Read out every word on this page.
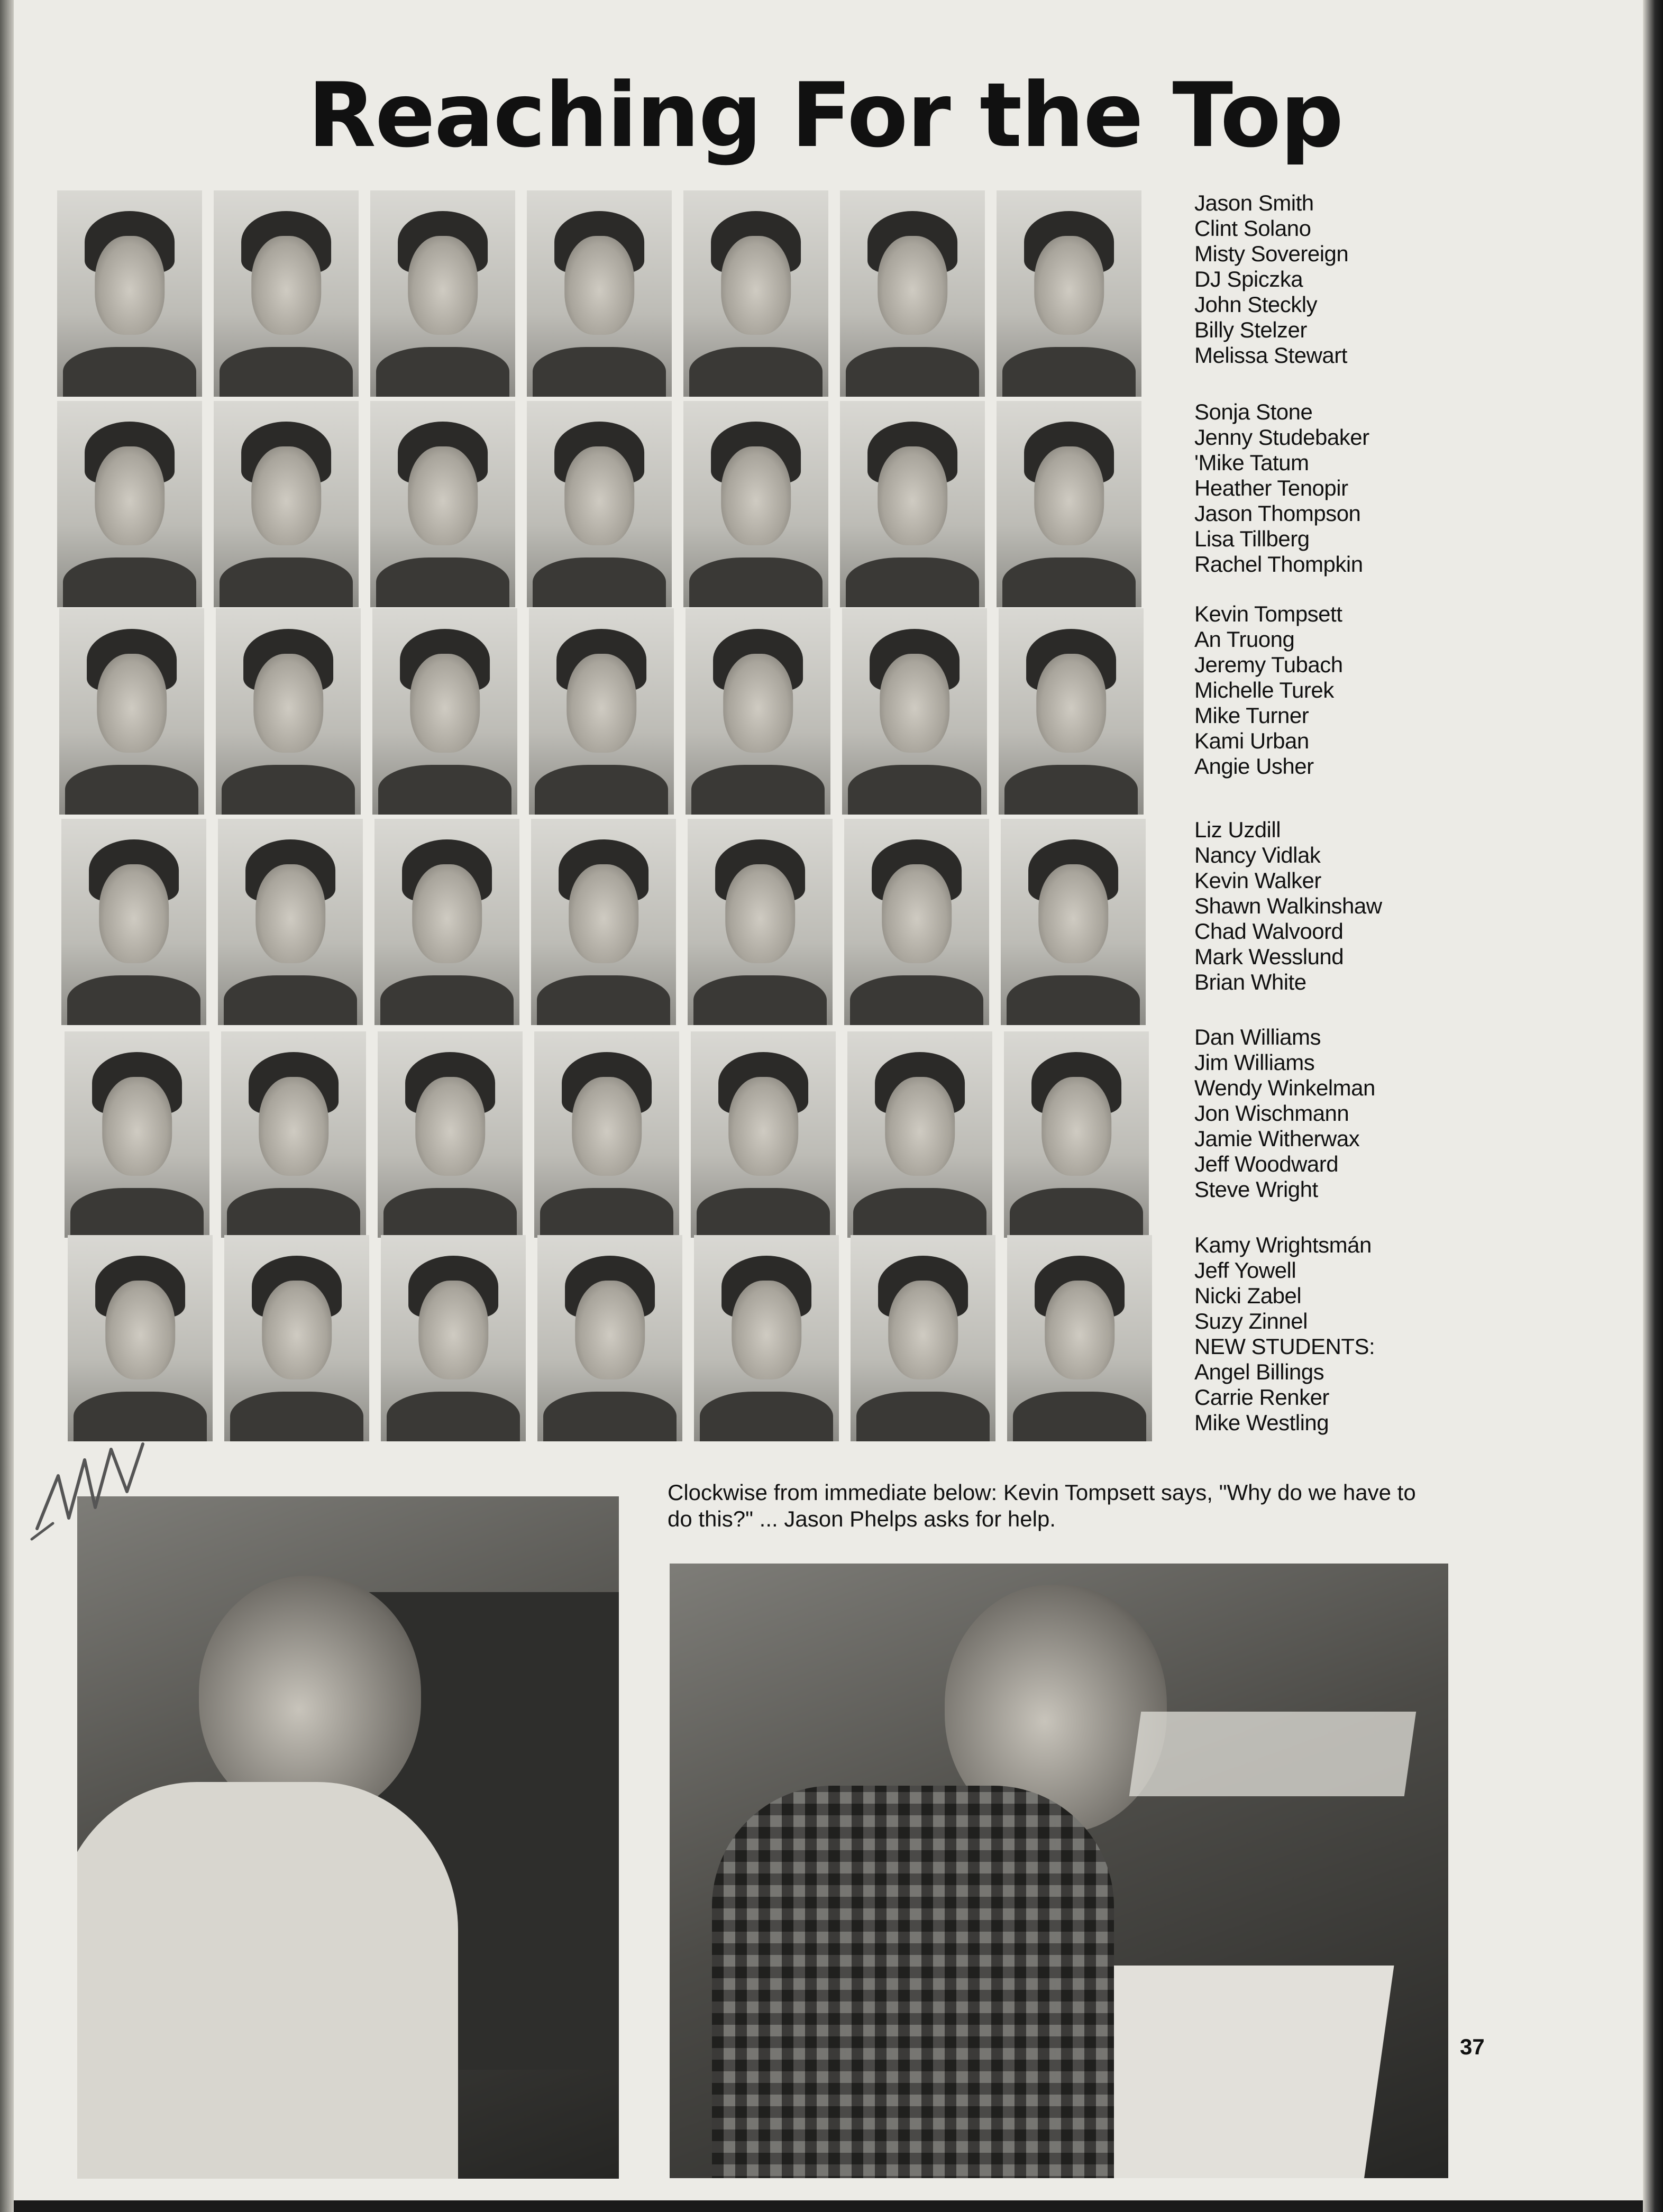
Reaching For the Top
Jason Smith
Clint Solano
Misty Sovereign
DJ Spiczka
John Steckly
Billy Stelzer
Melissa Stewart
Sonja Stone
Jenny Studebaker
'Mike Tatum
Heather Tenopir
Jason Thompson
Lisa Tillberg
Rachel Thompkin
Kevin Tompsett
An Truong
Jeremy Tubach
Michelle Turek
Mike Turner
Kami Urban
Angie Usher
Liz Uzdill
Nancy Vidlak
Kevin Walker
Shawn Walkinshaw
Chad Walvoord
Mark Wesslund
Brian White
Dan Williams
Jim Williams
Wendy Winkelman
Jon Wischmann
Jamie Witherwax
Jeff Woodward
Steve Wright
Kamy Wrightsmán
Jeff Yowell
Nicki Zabel
Suzy Zinnel
NEW STUDENTS:
Angel Billings
Carrie Renker
Mike Westling
Clockwise from immediate below: Kevin Tompsett says, "Why do we have to do this?" ... Jason Phelps asks for help.
37
